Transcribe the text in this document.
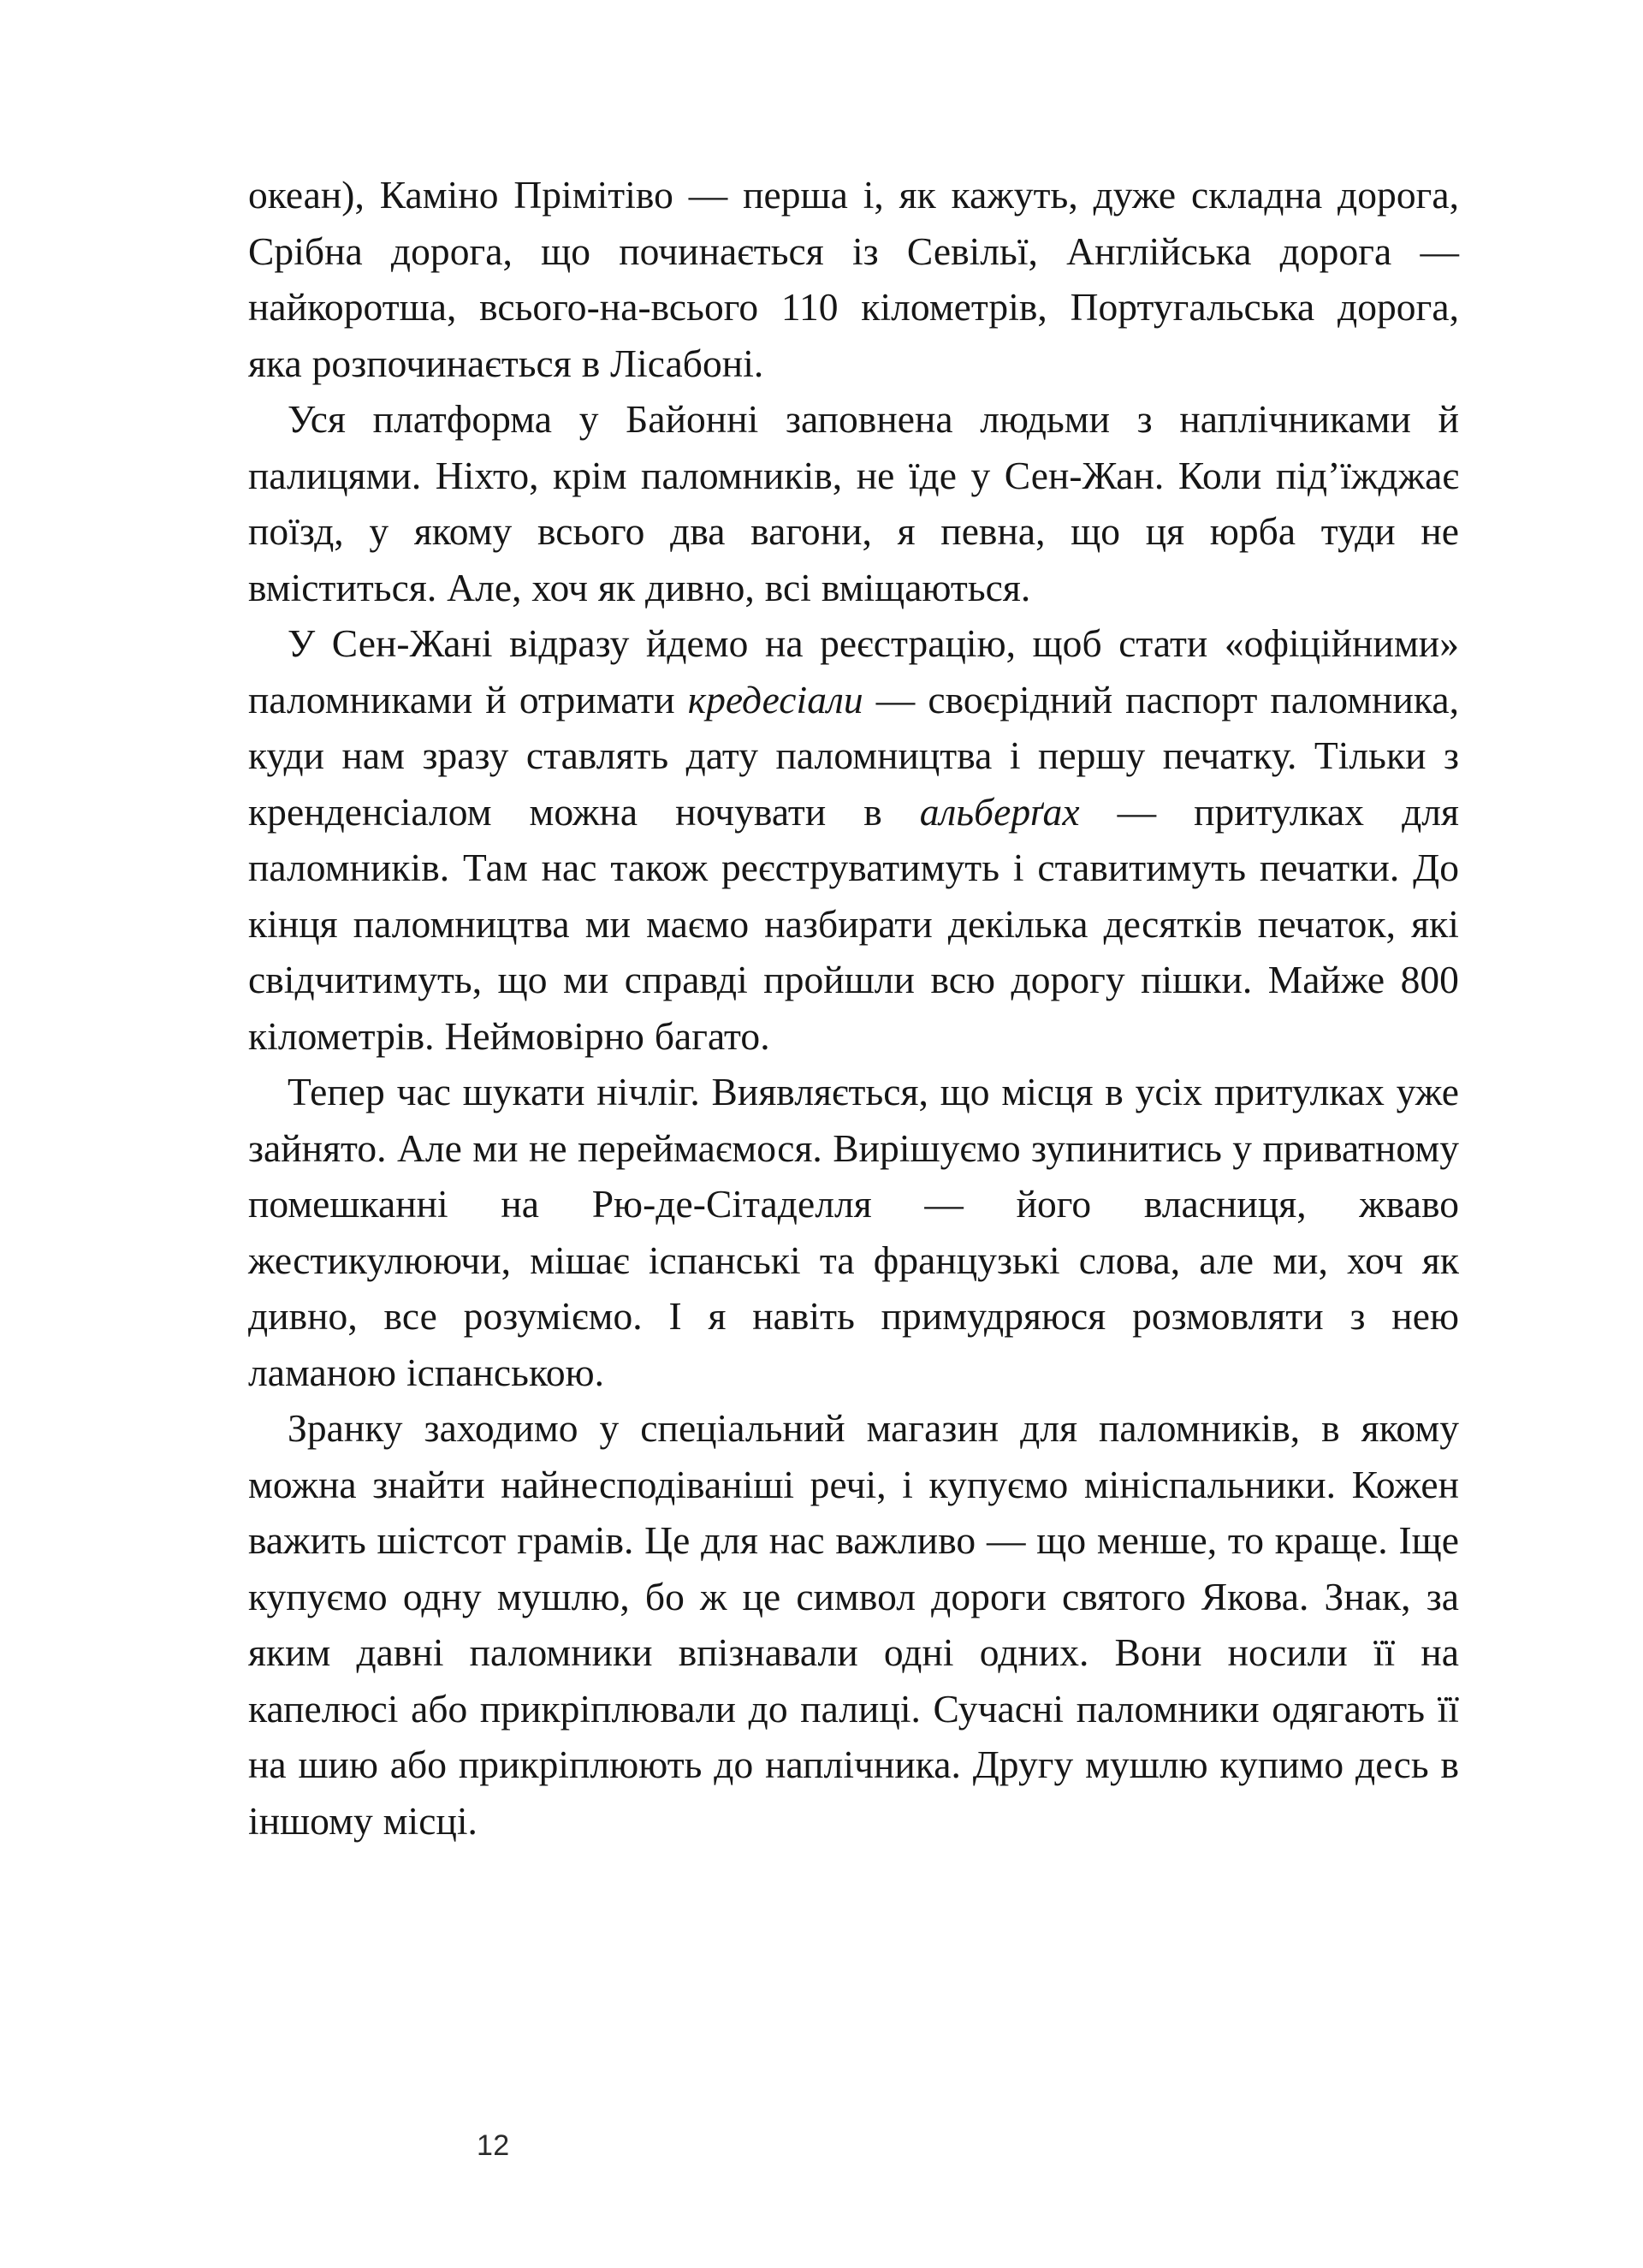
океан), Каміно Прімітіво — перша і, як кажуть, дуже складна дорога, Срібна дорога, що починається із Севільї, Англійська дорога — найкоротша, всього-на-всього 110 кілометрів, Португальська дорога, яка розпочинається в Лісабоні.

Уся платформа у Байонні заповнена людьми з наплічниками й палицями. Ніхто, крім паломників, не їде у Сен-Жан. Коли під’їжджає поїзд, у якому всього два вагони, я певна, що ця юрба туди не вміститься. Але, хоч як дивно, всі вміщаються.

У Сен-Жані відразу йдемо на реєстрацію, щоб стати «офіційними» паломниками й отримати кредесіали — своєрідний паспорт паломника, куди нам зразу ставлять дату паломництва і першу печатку. Тільки з кренденсіалом можна ночувати в альберґах — притулках для паломників. Там нас також реєструватимуть і ставитимуть печатки. До кінця паломництва ми маємо назбирати декілька десятків печаток, які свідчитимуть, що ми справді пройшли всю дорогу пішки. Майже 800 кілометрів. Неймовірно багато.

Тепер час шукати нічліг. Виявляється, що місця в усіх притулках уже зайнято. Але ми не переймаємося. Вирішуємо зупинитись у приватному помешканні на Рю-де-Сітаделля — його власниця, жваво жестикулюючи, мішає іспанські та французькі слова, але ми, хоч як дивно, все розуміємо. І я навіть примудряюся розмовляти з нею ламаною іспанською.

Зранку заходимо у спеціальний магазин для паломників, в якому можна знайти найнесподіваніші речі, і купуємо мініспальники. Кожен важить шістсот грамів. Це для нас важливо — що менше, то краще. Іще купуємо одну мушлю, бо ж це символ дороги святого Якова. Знак, за яким давні паломники впізнавали одні одних. Вони носили її на капелюсі або прикріплювали до палиці. Сучасні паломники одягають її на шию або прикріплюють до наплічника. Другу мушлю купимо десь в іншому місці.

12
